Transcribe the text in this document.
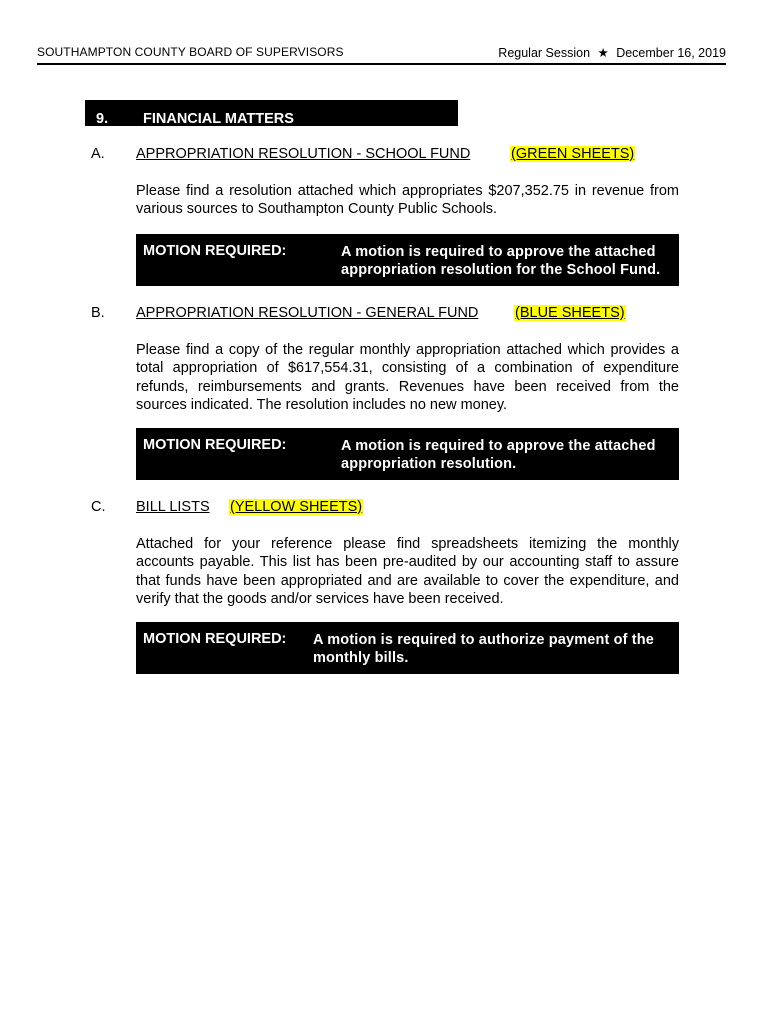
SOUTHAMPTON COUNTY BOARD OF SUPERVISORS	Regular Session ★ December 16, 2019
9. FINANCIAL MATTERS
A. APPROPRIATION RESOLUTION - SCHOOL FUND	(GREEN SHEETS)
Please find a resolution attached which appropriates $207,352.75 in revenue from various sources to Southampton County Public Schools.
MOTION REQUIRED:	A motion is required to approve the attached
appropriation resolution for the School Fund.
B. APPROPRIATION RESOLUTION - GENERAL FUND	(BLUE SHEETS)
Please find a copy of the regular monthly appropriation attached which provides a total appropriation of $617,554.31, consisting of a combination of expenditure refunds, reimbursements and grants. Revenues have been received from the sources indicated. The resolution includes no new money.
MOTION REQUIRED:	A motion is required to approve the attached
appropriation resolution.
C. BILL LISTS (YELLOW SHEETS)
Attached for your reference please find spreadsheets itemizing the monthly accounts payable. This list has been pre-audited by our accounting staff to assure that funds have been appropriated and are available to cover the expenditure, and verify that the goods and/or services have been received.
MOTION REQUIRED: A motion is required to authorize payment of the
monthly bills.
